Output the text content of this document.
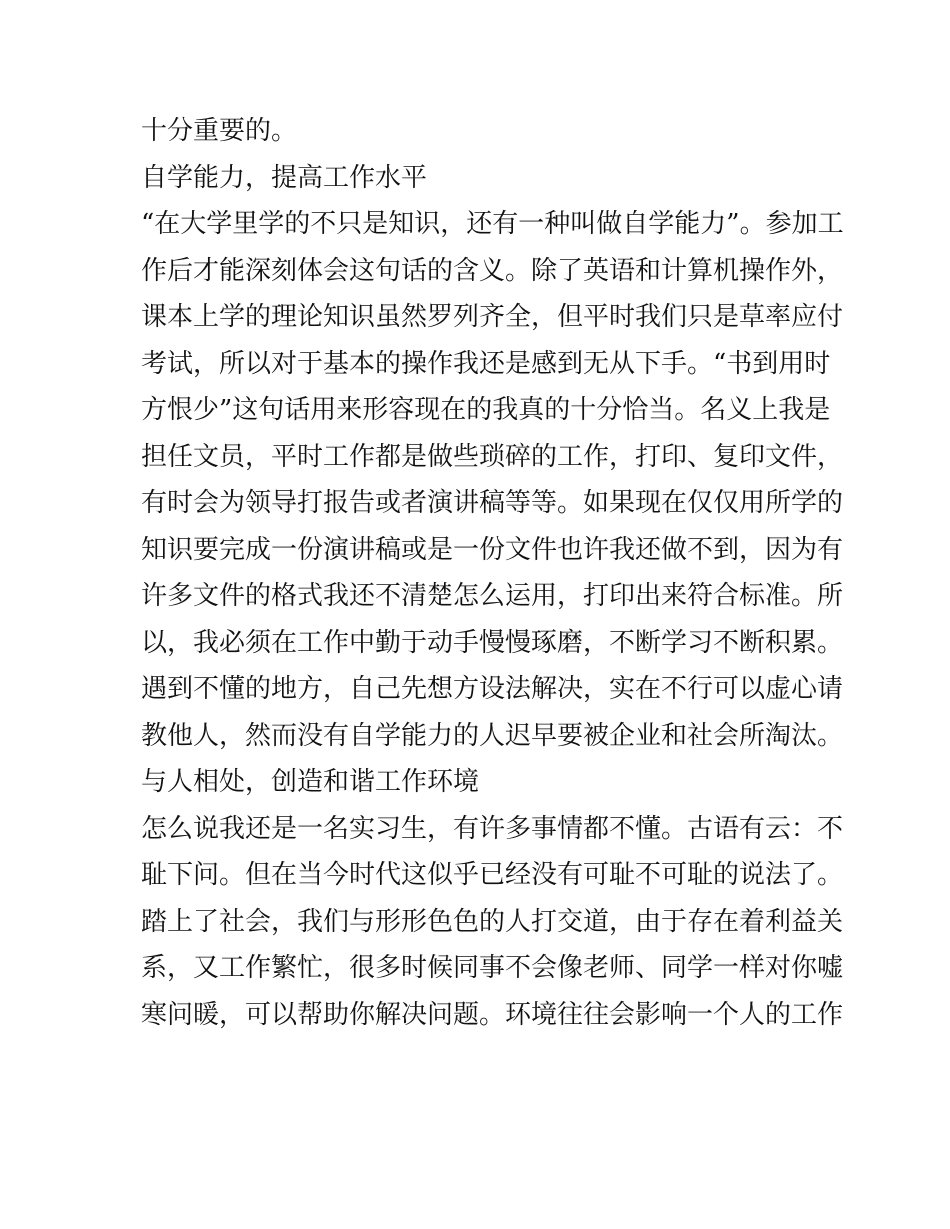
十分重要的。
自学能力，提高工作水平
“在大学里学的不只是知识，还有一种叫做自学能力”。参加工
作后才能深刻体会这句话的含义。除了英语和计算机操作外，
课本上学的理论知识虽然罗列齐全，但平时我们只是草率应付
考试，所以对于基本的操作我还是感到无从下手。“书到用时
方恨少”这句话用来形容现在的我真的十分恰当。名义上我是
担任文员，平时工作都是做些琐碎的工作，打印、复印文件，
有时会为领导打报告或者演讲稿等等。如果现在仅仅用所学的
知识要完成一份演讲稿或是一份文件也许我还做不到，因为有
许多文件的格式我还不清楚怎么运用，打印出来符合标准。所
以，我必须在工作中勤于动手慢慢琢磨，不断学习不断积累。
遇到不懂的地方，自己先想方设法解决，实在不行可以虚心请
教他人，然而没有自学能力的人迟早要被企业和社会所淘汰。
与人相处，创造和谐工作环境
怎么说我还是一名实习生，有许多事情都不懂。古语有云：不
耻下问。但在当今时代这似乎已经没有可耻不可耻的说法了。
踏上了社会，我们与形形色色的人打交道，由于存在着利益关
系，又工作繁忙，很多时候同事不会像老师、同学一样对你嘘
寒问暖，可以帮助你解决问题。环境往往会影响一个人的工作
